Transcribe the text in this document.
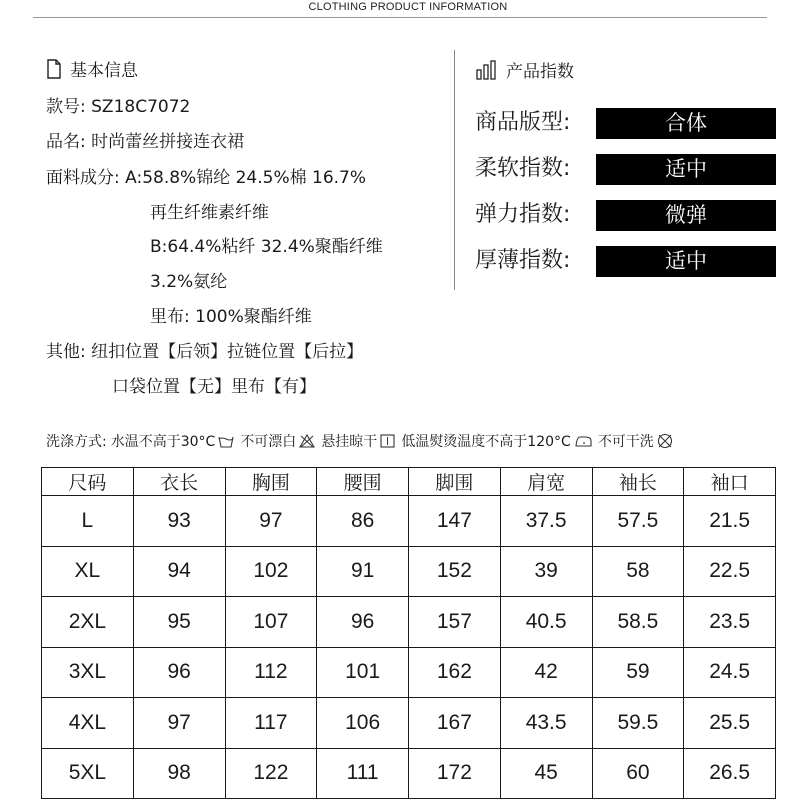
CLOTHING PRODUCT INFORMATION
基本信息
款号: SZ18C7072
品名: 时尚蕾丝拼接连衣裙
面料成分: A:58.8%锦纶 24.5%棉 16.7%
再生纤维素纤维
B:64.4%粘纤 32.4%聚酯纤维
3.2%氨纶
里布: 100%聚酯纤维
其他: 纽扣位置【后领】拉链位置【后拉】
口袋位置【无】里布【有】
产品指数
商品版型:	合体
柔软指数:	适中
弹力指数:	微弹
厚薄指数:	适中
洗涤方式: 水温不高于30°C 不可漂白 悬挂晾干 低温熨烫温度不高于120°C 不可干洗
尺码	衣长	胸围	腰围	脚围	肩宽	袖长	袖口
L	93	97	86	147	37.5	57.5	21.5
XL	94	102	91	152	39	58	22.5
2XL	95	107	96	157	40.5	58.5	23.5
3XL	96	112	101	162	42	59	24.5
4XL	97	117	106	167	43.5	59.5	25.5
5XL	98	122	111	172	45	60	26.5
